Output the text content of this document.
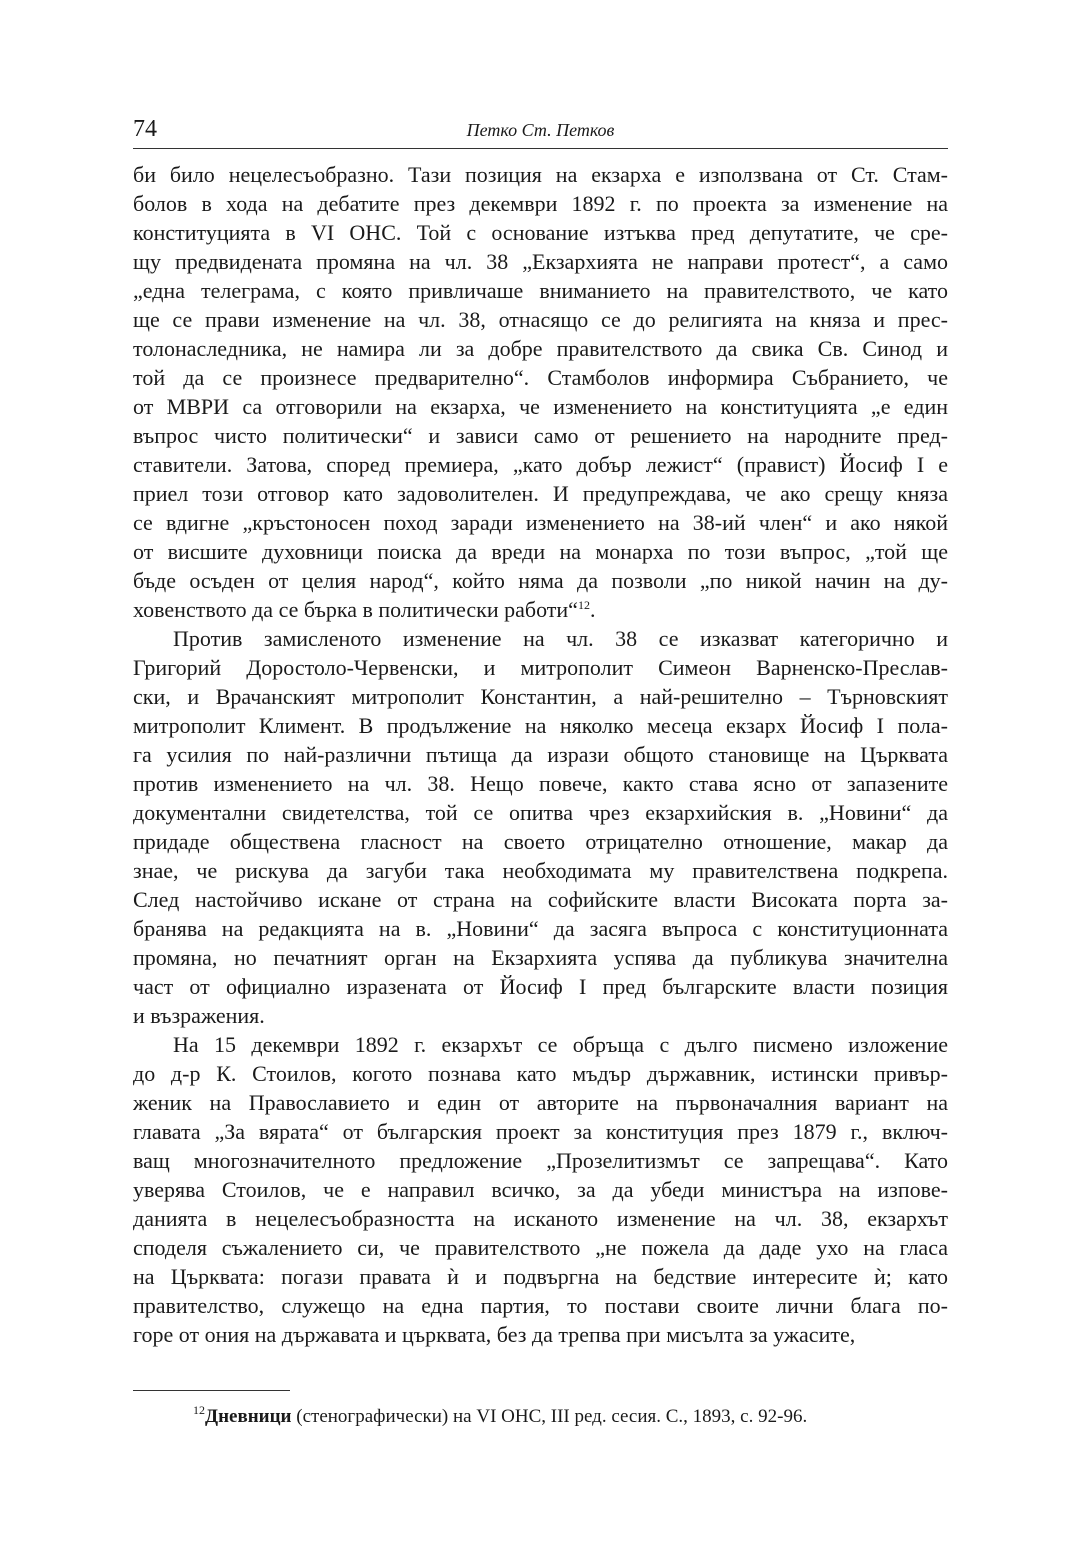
74	Петко Ст. Петков
би било нецелесъобразно. Тази позиция на екзарха е използвана от Ст. Стам-
болов в хода на дебатите през декември 1892 г. по проекта за изменение на
конституцията в VI ОНС. Той с основание изтъква пред депутатите, че сре-
щу предвидената промяна на чл. 38 „Екзархията не направи протест“, а само
„една телеграма, с която привличаше вниманието на правителството, че като
ще се прави изменение на чл. 38, отнасящо се до религията на княза и прес-
толонаследника, не намира ли за добре правителството да свика Св. Синод и
той да се произнесе предварително“. Стамболов информира Събранието, че
от МВРИ са отговорили на екзарха, че изменението на конституцията „е един
въпрос чисто политически“ и зависи само от решението на народните пред-
ставители. Затова, според премиера, „като добър лежист“ (правист) Йосиф I е
приел този отговор като задоволителен. И предупреждава, че ако срещу княза
се вдигне „кръстоносен поход заради изменението на 38-ий член“ и ако някой
от висшите духовници поиска да вреди на монарха по този въпрос, „той ще
бъде осъден от целия народ“, който няма да позволи „по никой начин на ду-
ховенството да се бърка в политически работи“$^{12}$.
Против замисленото изменение на чл. 38 се изказват категорично и
Григорий Доростоло-Червенски, и митрополит Симеон Варненско-Преслав-
ски, и Врачанският митрополит Константин, а най-решително – Търновският
митрополит Климент. В продължение на няколко месеца екзарх Йосиф I пола-
га усилия по най-различни пътища да изрази общото становище на Църквата
против изменението на чл. 38. Нещо повече, както става ясно от запазените
документални свидетелства, той се опитва чрез екзархийския в. „Новини“ да
придаде обществена гласност на своето отрицателно отношение, макар да
знае, че рискува да загуби така необходимата му правителствена подкрепа.
След настойчиво искане от страна на софийските власти Високата порта за-
бранява на редакцията на в. „Новини“ да засяга въпроса с конституционната
промяна, но печатният орган на Екзархията успява да публикува значителна
част от официално изразената от Йосиф I пред българските власти позиция
и възражения.
На 15 декември 1892 г. екзархът се обръща с дълго писмено изложение
до д-р К. Стоилов, когото познава като мъдър държавник, истински привър-
женик на Православието и един от авторите на първоначалния вариант на
главата „За вярата“ от българския проект за конституция през 1879 г., включ-
ващ многозначителното предложение „Прозелитизмът се запрещава“. Като
уверява Стоилов, че е направил всичко, за да убеди министъра на изпове-
данията в нецелесъобразността на исканото изменение на чл. 38, екзархът
споделя съжалението си, че правителството „не пожела да даде ухо на гласа
на Църквата: погази правата ѝ и подвъргна на бедствие интересите ѝ; като
правителство, служещо на една партия, то постави своите лични блага по-
горе от ония на държавата и църквата, без да трепва при мисълта за ужасите,
$^{12}$Дневници (стенографически) на VI ОНС, III ред. сесия. С., 1893, с. 92-96.
